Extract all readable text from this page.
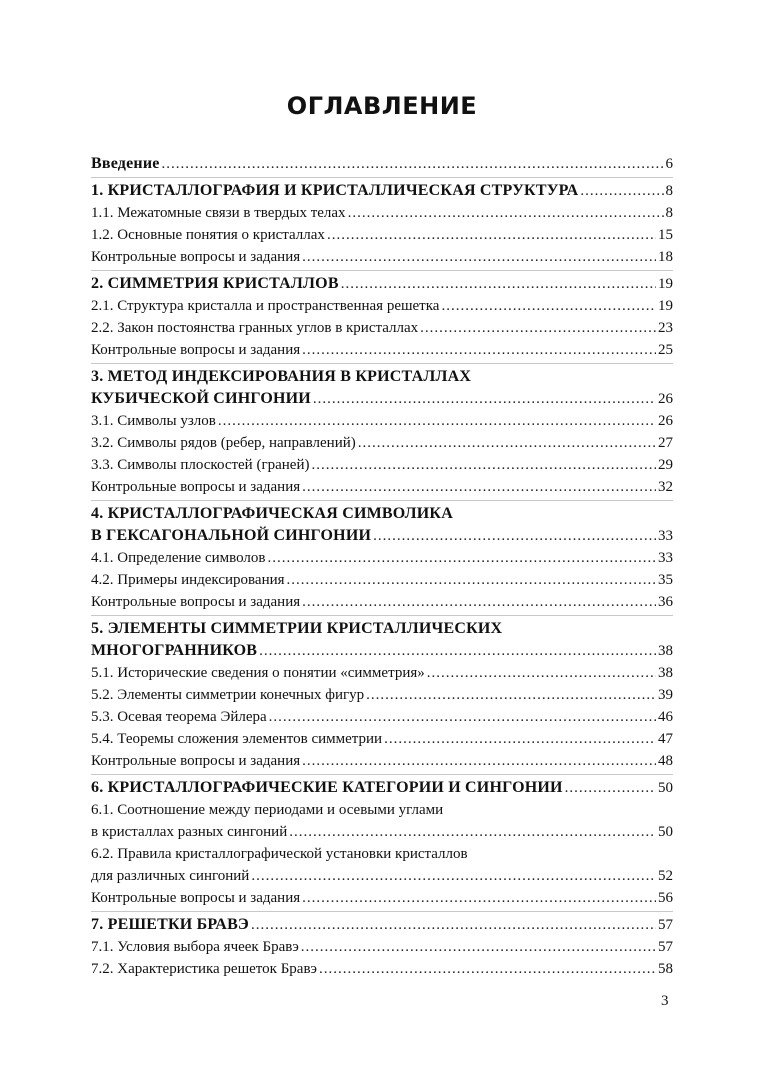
ОГЛАВЛЕНИЕ
Введение .....	6
1. КРИСТАЛЛОГРАФИЯ И КРИСТАЛЛИЧЕСКАЯ СТРУКТУРА .....	8
1.1. Межатомные связи в твердых телах .....	8
1.2. Основные понятия о кристаллах .....	15
Контрольные вопросы и задания .....	18
2. СИММЕТРИЯ КРИСТАЛЛОВ .....	19
2.1. Структура кристалла и пространственная решетка .....	19
2.2. Закон постоянства гранных углов в кристаллах .....	23
Контрольные вопросы и задания .....	25
3. МЕТОД ИНДЕКСИРОВАНИЯ В КРИСТАЛЛАХ
КУБИЧЕСКОЙ СИНГОНИИ .....	26
3.1. Символы узлов .....	26
3.2. Символы рядов (ребер, направлений) .....	27
3.3. Символы плоскостей (граней) .....	29
Контрольные вопросы и задания .....	32
4. КРИСТАЛЛОГРАФИЧЕСКАЯ СИМВОЛИКА
В ГЕКСАГОНАЛЬНОЙ СИНГОНИИ .....	33
4.1. Определение символов .....	33
4.2. Примеры индексирования .....	35
Контрольные вопросы и задания .....	36
5. ЭЛЕМЕНТЫ СИММЕТРИИ КРИСТАЛЛИЧЕСКИХ
МНОГОГРАННИКОВ .....	38
5.1. Исторические сведения о понятии «симметрия» .....	38
5.2. Элементы симметрии конечных фигур .....	39
5.3. Осевая теорема Эйлера .....	46
5.4. Теоремы сложения элементов симметрии .....	47
Контрольные вопросы и задания .....	48
6. КРИСТАЛЛОГРАФИЧЕСКИЕ КАТЕГОРИИ И СИНГОНИИ .....	50
6.1. Соотношение между периодами и осевыми углами
в кристаллах разных сингоний .....	50
6.2. Правила кристаллографической установки кристаллов
для различных сингоний .....	52
Контрольные вопросы и задания .....	56
7. РЕШЕТКИ БРАВЭ .....	57
7.1. Условия выбора ячеек Бравэ .....	57
7.2. Характеристика решеток Бравэ .....	58
3
